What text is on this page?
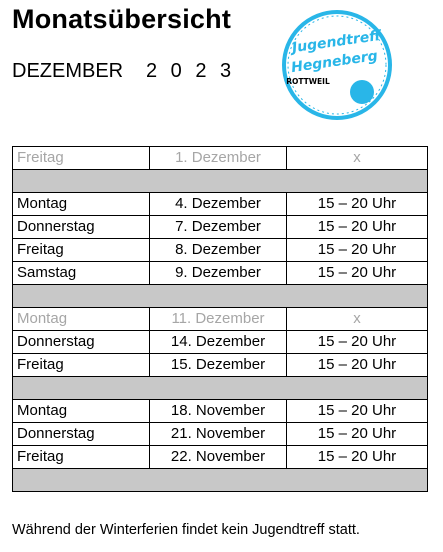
Monatsübersicht
DEZEMBER 2 0 2 3
Jugendtreff
Hegneberg
ROTTWEIL
Freitag	1. Dezember	x

Montag	4. Dezember	15 – 20 Uhr
Donnerstag	7. Dezember	15 – 20 Uhr
Freitag	8. Dezember	15 – 20 Uhr
Samstag	9. Dezember	15 – 20 Uhr

Montag	11. Dezember	x
Donnerstag	14. Dezember	15 – 20 Uhr
Freitag	15. Dezember	15 – 20 Uhr

Montag	18. November	15 – 20 Uhr
Donnerstag	21. November	15 – 20 Uhr
Freitag	22. November	15 – 20 Uhr

Während der Winterferien findet kein Jugendtreff statt.
